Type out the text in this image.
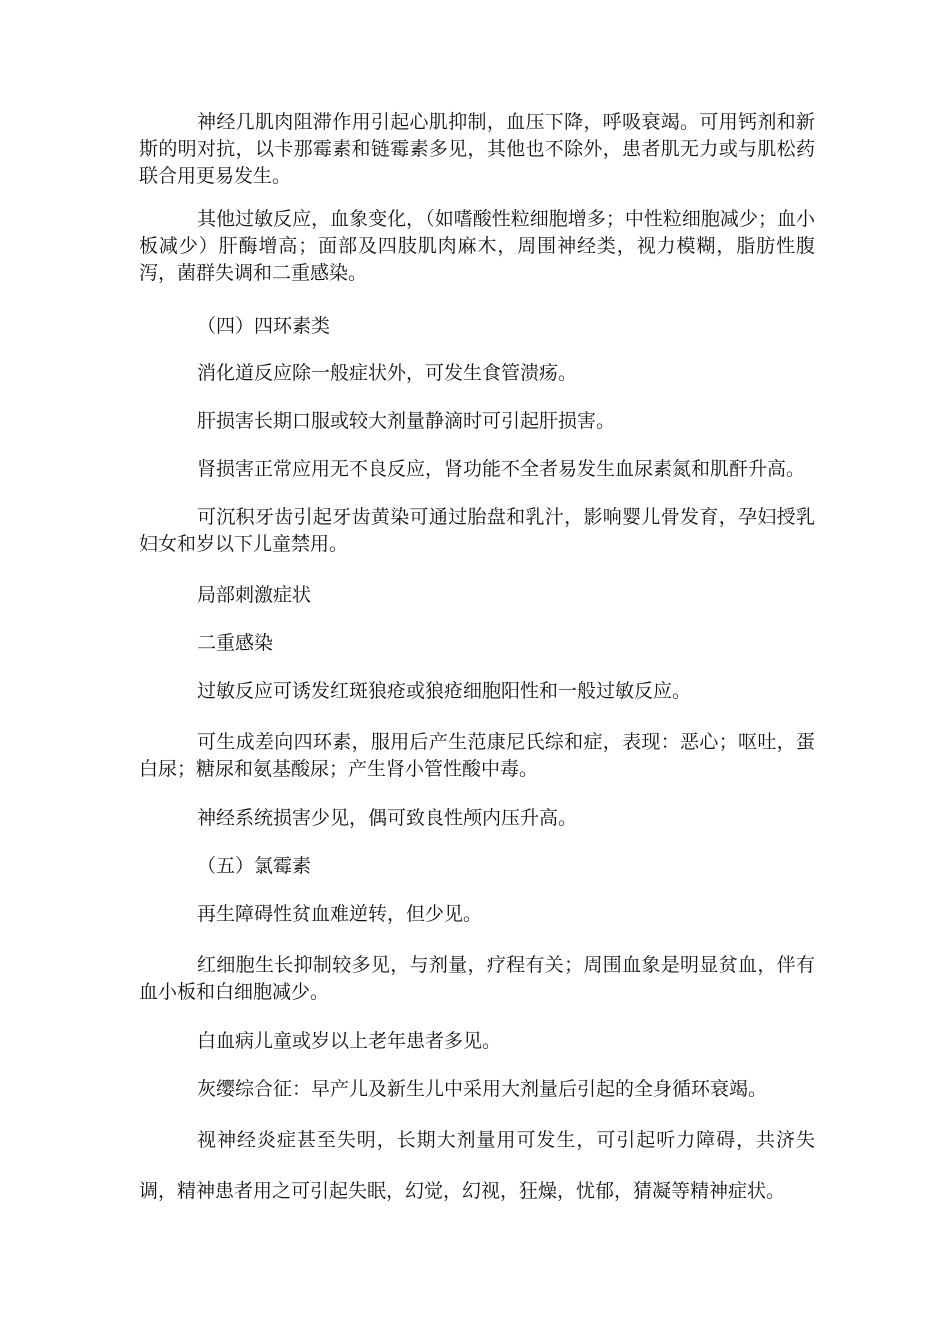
神经几肌肉阻滞作用引起心肌抑制，血压下降，呼吸衰竭。可用钙剂和新斯的明对抗，以卡那霉素和链霉素多见，其他也不除外，患者肌无力或与肌松药联合用更易发生。

其他过敏反应，血象变化，（如嗜酸性粒细胞增多；中性粒细胞减少；血小板减少）肝酶增高；面部及四肢肌肉麻木，周围神经类，视力模糊，脂肪性腹泻，菌群失调和二重感染。

（四）四环素类

消化道反应除一般症状外，可发生食管溃疡。

肝损害长期口服或较大剂量静滴时可引起肝损害。

肾损害正常应用无不良反应，肾功能不全者易发生血尿素氮和肌酐升高。

可沉积牙齿引起牙齿黄染可通过胎盘和乳汁，影响婴儿骨发育，孕妇授乳妇女和岁以下儿童禁用。

局部刺激症状

二重感染

过敏反应可诱发红斑狼疮或狼疮细胞阳性和一般过敏反应。

可生成差向四环素，服用后产生范康尼氏综和症，表现：恶心；呕吐，蛋白尿；糖尿和氨基酸尿；产生肾小管性酸中毒。

神经系统损害少见，偶可致良性颅内压升高。

（五）氯霉素

再生障碍性贫血难逆转，但少见。

红细胞生长抑制较多见，与剂量，疗程有关；周围血象是明显贫血，伴有血小板和白细胞减少。

白血病儿童或岁以上老年患者多见。

灰缨综合征：早产儿及新生儿中采用大剂量后引起的全身循环衰竭。

视神经炎症甚至失明，长期大剂量用可发生，可引起听力障碍，共济失调，精神患者用之可引起失眠，幻觉，幻视，狂燥，忧郁，猜凝等精神症状。
